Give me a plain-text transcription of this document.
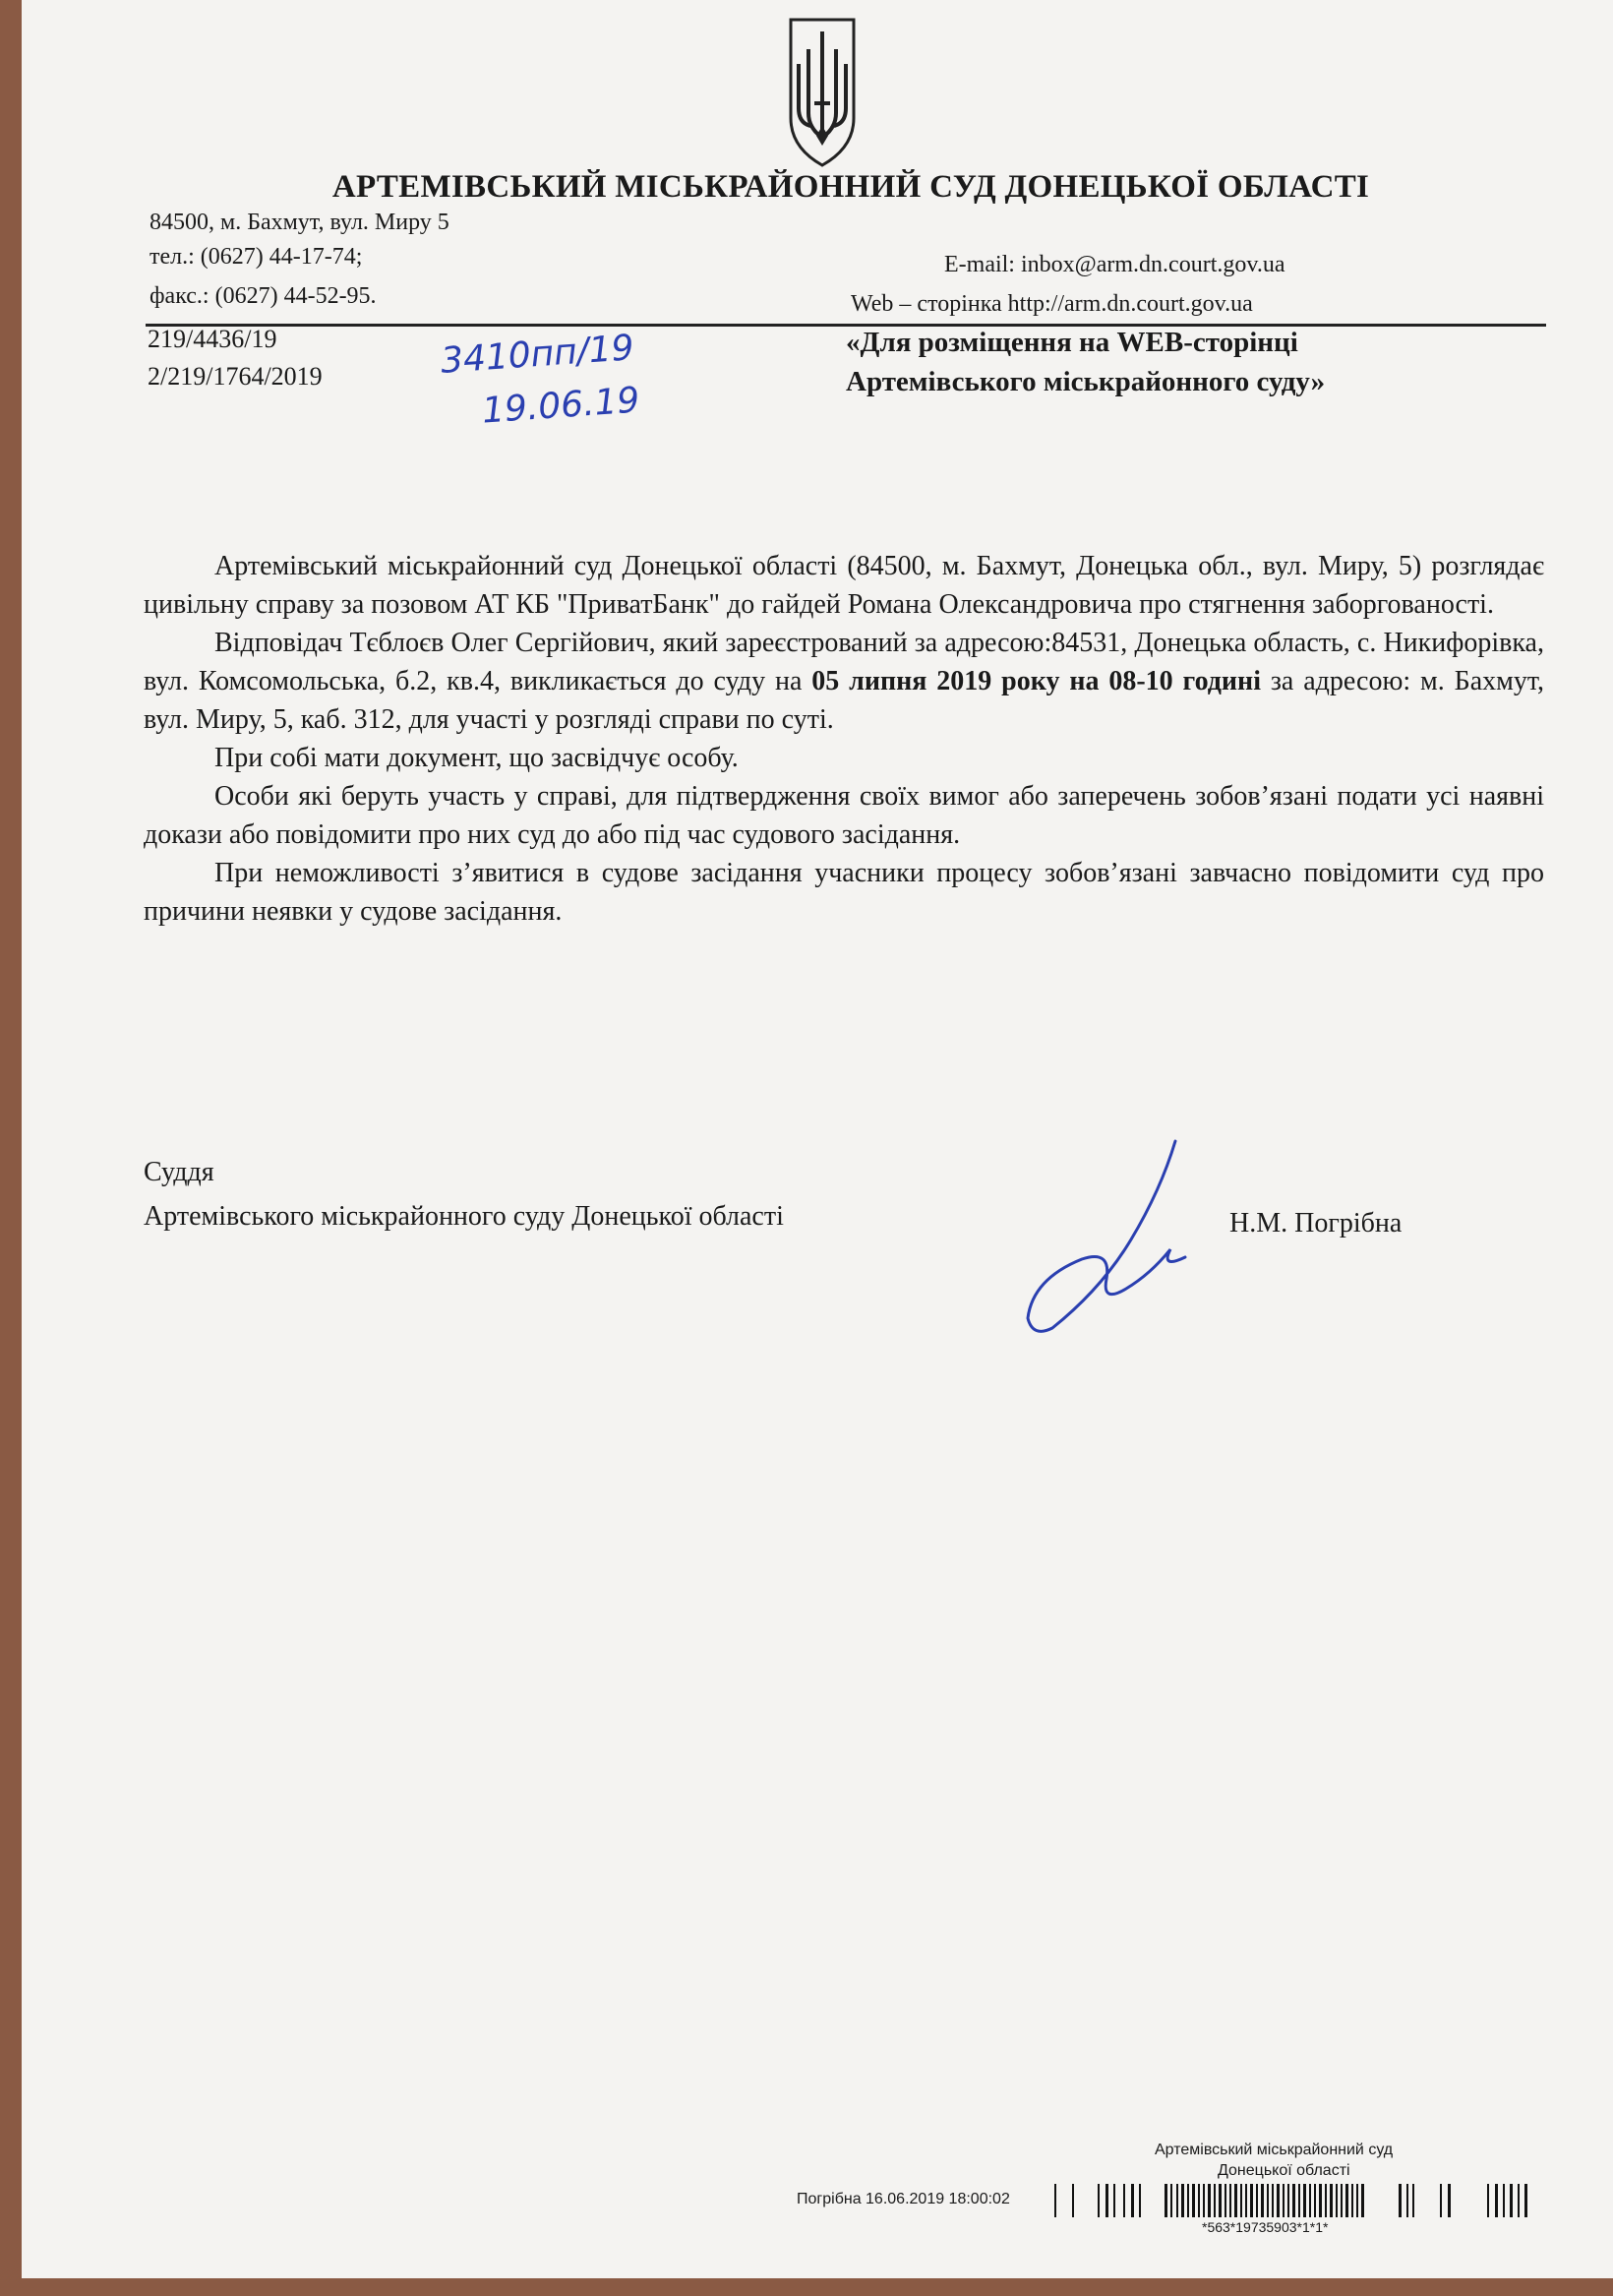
АРТЕМІВСЬКИЙ МІСЬКРАЙОННИЙ СУД ДОНЕЦЬКОЇ ОБЛАСТІ
84500, м. Бахмут, вул. Миру 5
тел.: (0627) 44-17-74;
факс.: (0627) 44-52-95.
E-mail: inbox@arm.dn.court.gov.ua
Web – сторінка http://arm.dn.court.gov.ua
219/4436/19
2/219/1764/2019	3410пп/19
19.06.19
«Для розміщення на WEB-сторінці
Артемівського міськрайонного суду»

Артемівський міськрайонний суд Донецької області (84500, м. Бахмут, Донецька обл., вул. Миру, 5) розглядає цивільну справу за позовом АТ КБ "ПриватБанк" до гайдей Романа Олександровича про стягнення заборгованості.

Відповідач Тєблоєв Олег Сергійович, який зареєстрований за адресою:84531, Донецька область, с. Никифорівка, вул. Комсомольська, б.2, кв.4, викликається до суду на 05 липня 2019 року на 08-10 годині за адресою: м. Бахмут, вул. Миру, 5, каб. 312, для участі у розгляді справи по суті.

При собі мати документ, що засвідчує особу.

Особи які беруть участь у справі, для підтвердження своїх вимог або заперечень зобов’язані подати усі наявні докази або повідомити про них суд до або під час судового засідання.

При неможливості з’явитися в судове засідання учасники процесу зобов’язані завчасно повідомити суд про причини неявки у судове засідання.

Суддя
Артемівського міськрайонного суду Донецької області	Н.М. Погрібна
Артемівський міськрайонний суд
Донецької області
Погрібна 16.06.2019 18:00:02
*563*19735903*1*1*
